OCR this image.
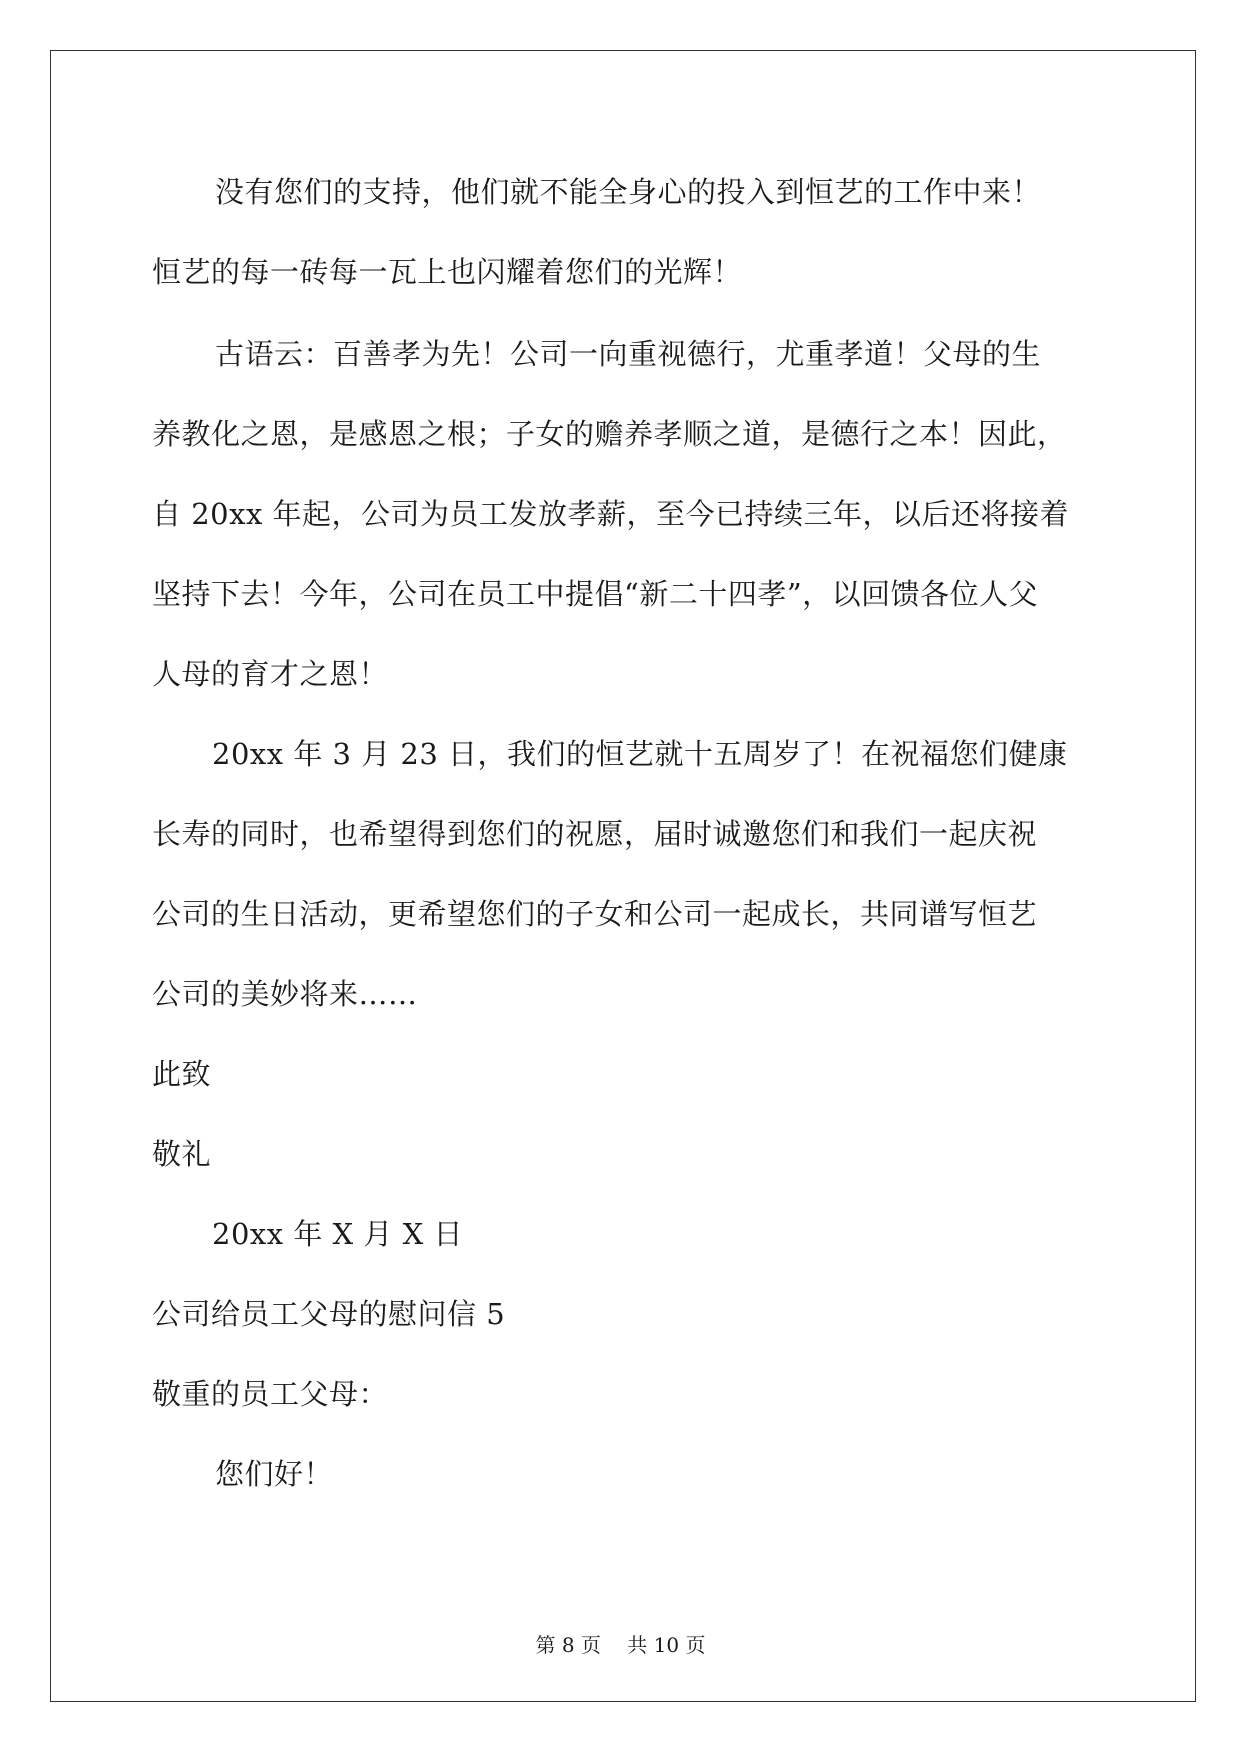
没有您们的支持，他们就不能全身心的投入到恒艺的工作中来！
恒艺的每一砖每一瓦上也闪耀着您们的光辉！
古语云：百善孝为先！公司一向重视德行，尤重孝道！父母的生
养教化之恩，是感恩之根；子女的赡养孝顺之道，是德行之本！因此，
自 20xx 年起，公司为员工发放孝薪，至今已持续三年，以后还将接着
坚持下去！今年，公司在员工中提倡“新二十四孝”，以回馈各位人父
人母的育才之恩！
20xx 年 3 月 23 日，我们的恒艺就十五周岁了！在祝福您们健康
长寿的同时，也希望得到您们的祝愿，届时诚邀您们和我们一起庆祝
公司的生日活动，更希望您们的子女和公司一起成长，共同谱写恒艺
公司的美妙将来……
此致
敬礼
20xx 年 X 月 X 日
公司给员工父母的慰问信 5
敬重的员工父母：
您们好！
第 8 页　 共 10 页
